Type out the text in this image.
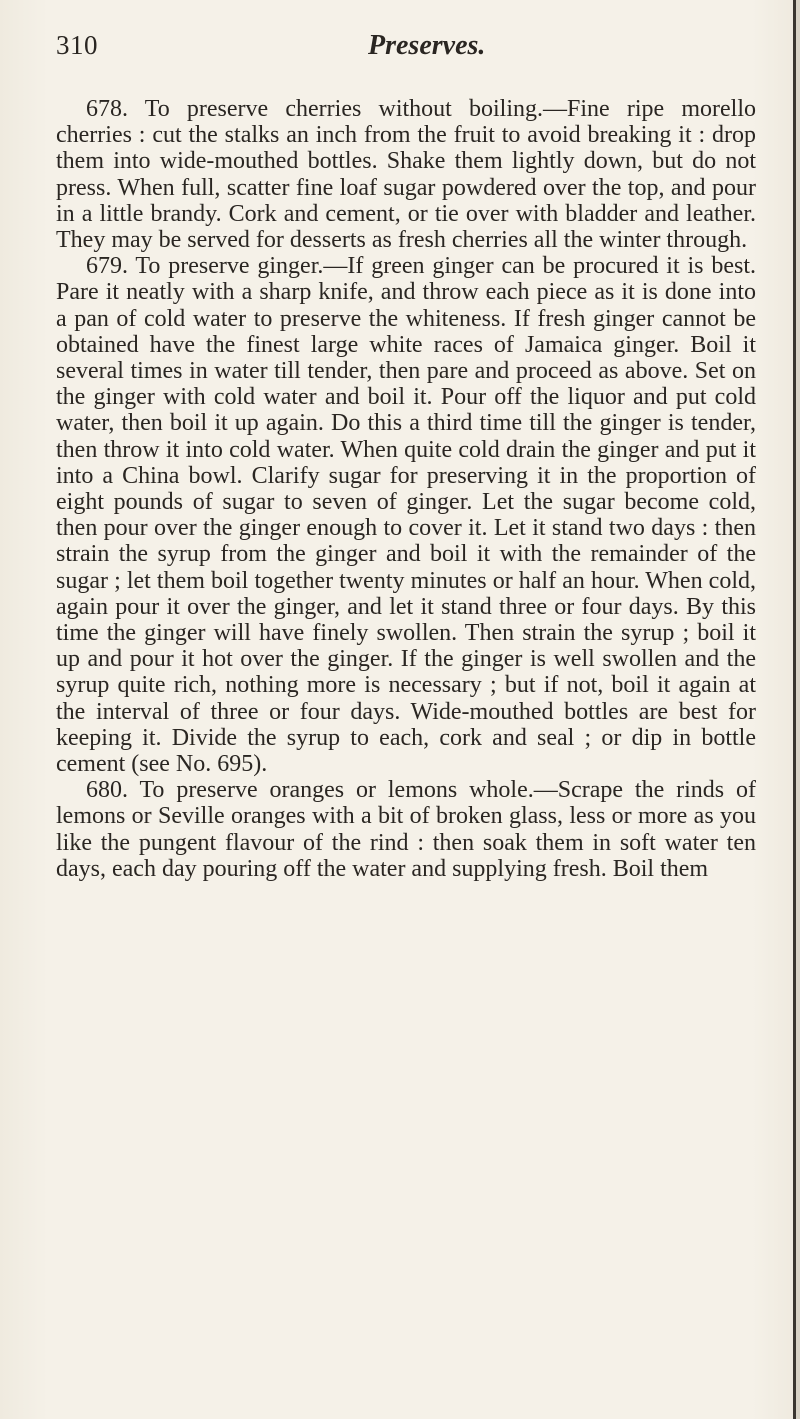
310	Preserves.

678. To preserve cherries without boiling.—Fine ripe morello cherries : cut the stalks an inch from the fruit to avoid breaking it : drop them into wide-mouthed bottles. Shake them lightly down, but do not press. When full, scatter fine loaf sugar powdered over the top, and pour in a little brandy. Cork and cement, or tie over with bladder and leather. They may be served for desserts as fresh cherries all the winter through.

679. To preserve ginger.—If green ginger can be procured it is best. Pare it neatly with a sharp knife, and throw each piece as it is done into a pan of cold water to preserve the whiteness. If fresh ginger cannot be obtained have the finest large white races of Jamaica ginger. Boil it several times in water till tender, then pare and proceed as above. Set on the ginger with cold water and boil it. Pour off the liquor and put cold water, then boil it up again. Do this a third time till the ginger is tender, then throw it into cold water. When quite cold drain the ginger and put it into a China bowl. Clarify sugar for preserving it in the proportion of eight pounds of sugar to seven of ginger. Let the sugar become cold, then pour over the ginger enough to cover it. Let it stand two days : then strain the syrup from the ginger and boil it with the remainder of the sugar ; let them boil together twenty minutes or half an hour. When cold, again pour it over the ginger, and let it stand three or four days. By this time the ginger will have finely swollen. Then strain the syrup ; boil it up and pour it hot over the ginger. If the ginger is well swollen and the syrup quite rich, nothing more is necessary ; but if not, boil it again at the interval of three or four days. Wide-mouthed bottles are best for keeping it. Divide the syrup to each, cork and seal ; or dip in bottle cement (see No. 695).

680. To preserve oranges or lemons whole.—Scrape the rinds of lemons or Seville oranges with a bit of broken glass, less or more as you like the pungent flavour of the rind : then soak them in soft water ten days, each day pouring off the water and supplying fresh. Boil them
